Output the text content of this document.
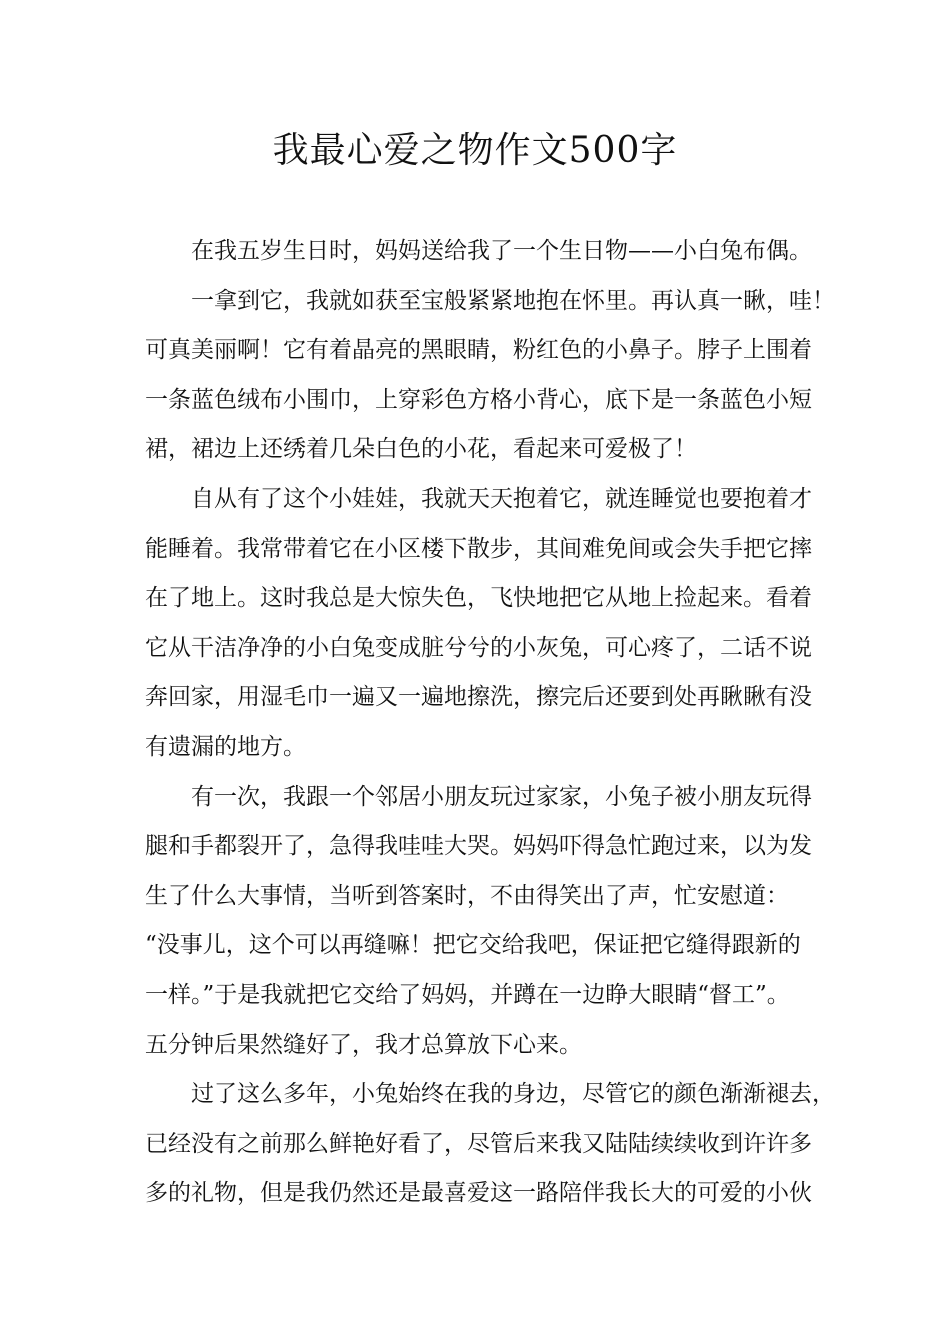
我最心爱之物作文500字
在我五岁生日时，妈妈送给我了一个生日物——小白兔布偶。
一拿到它，我就如获至宝般紧紧地抱在怀里。再认真一瞅，哇！
可真美丽啊！它有着晶亮的黑眼睛，粉红色的小鼻子。脖子上围着
一条蓝色绒布小围巾，上穿彩色方格小背心，底下是一条蓝色小短
裙，裙边上还绣着几朵白色的小花，看起来可爱极了！
自从有了这个小娃娃，我就天天抱着它，就连睡觉也要抱着才
能睡着。我常带着它在小区楼下散步，其间难免间或会失手把它摔
在了地上。这时我总是大惊失色，飞快地把它从地上捡起来。看着
它从干洁净净的小白兔变成脏兮兮的小灰兔，可心疼了，二话不说
奔回家，用湿毛巾一遍又一遍地擦洗，擦完后还要到处再瞅瞅有没
有遗漏的地方。
有一次，我跟一个邻居小朋友玩过家家，小兔子被小朋友玩得
腿和手都裂开了，急得我哇哇大哭。妈妈吓得急忙跑过来，以为发
生了什么大事情，当听到答案时，不由得笑出了声，忙安慰道：
“没事儿，这个可以再缝嘛！把它交给我吧，保证把它缝得跟新的
一样。”于是我就把它交给了妈妈，并蹲在一边睁大眼睛“督工”。
五分钟后果然缝好了，我才总算放下心来。
过了这么多年，小兔始终在我的身边，尽管它的颜色渐渐褪去，
已经没有之前那么鲜艳好看了，尽管后来我又陆陆续续收到许许多
多的礼物，但是我仍然还是最喜爱这一路陪伴我长大的可爱的小伙
